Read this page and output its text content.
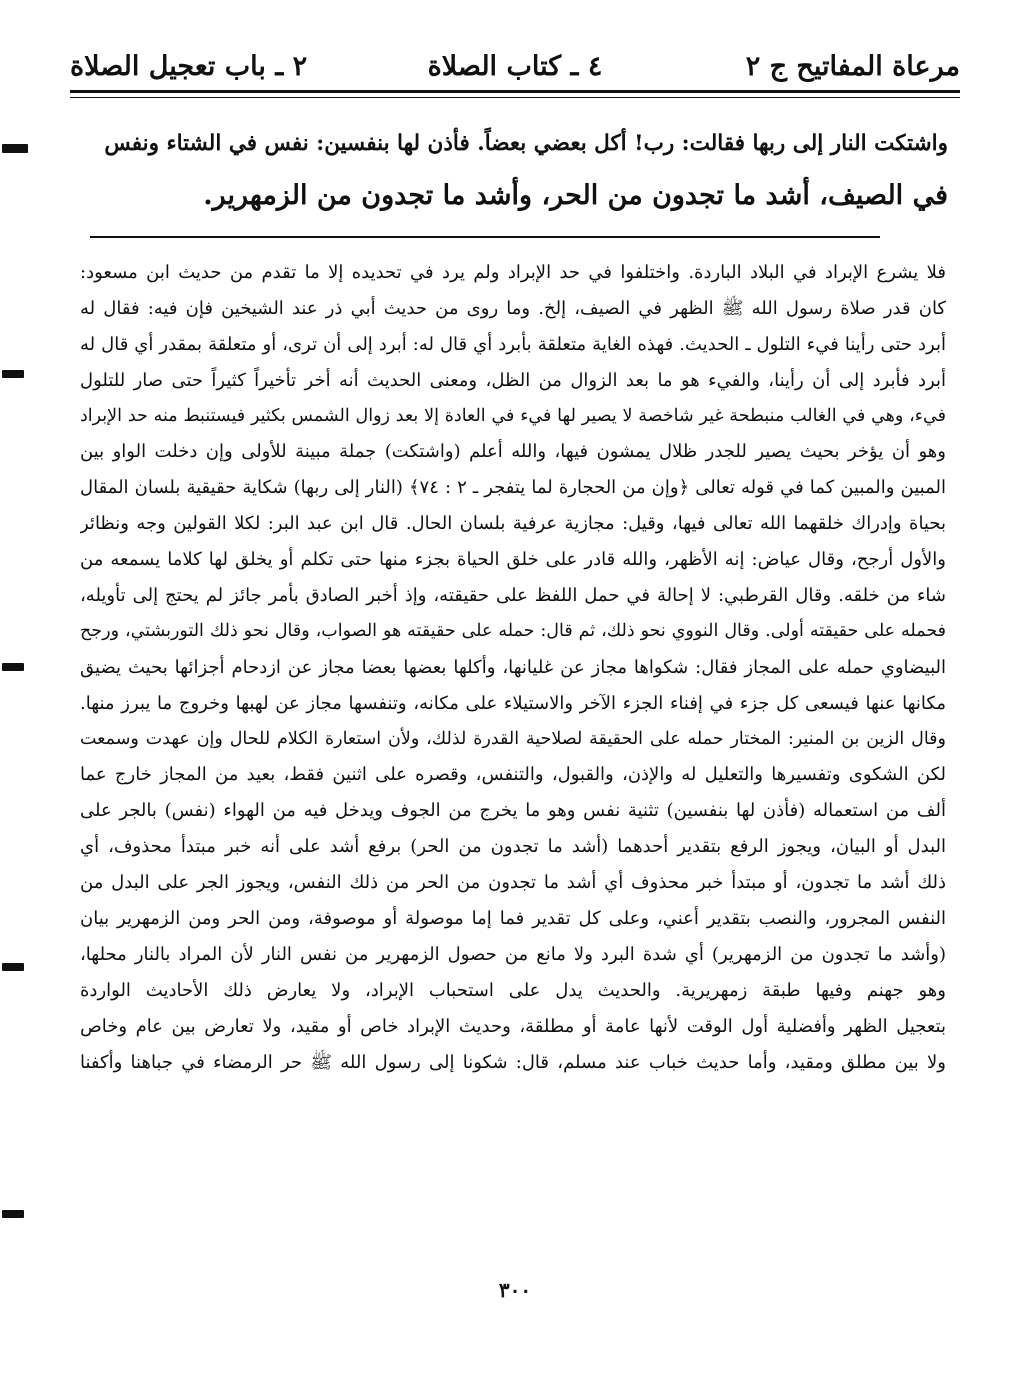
مرعاة المفاتيح ج ٢
٤ ـ كتاب الصلاة
٢ ـ باب تعجيل الصلاة
واشتكت النار إلى ربها فقالت: رب! أكل بعضي بعضاً. فأذن لها بنفسين: نفس في الشتاء ونفس
في الصيف، أشد ما تجدون من الحر، وأشد ما تجدون من الزمهرير.
فلا يشرع الإبراد في البلاد الباردة. واختلفوا في حد الإبراد ولم يرد في تحديده إلا ما تقدم من حديث ابن مسعود:
كان قدر صلاة رسول الله ﷺ الظهر في الصيف، إلخ. وما روى من حديث أبي ذر عند الشيخين فإن فيه: فقال له
أبرد حتى رأينا فيء التلول ـ الحديث. فهذه الغاية متعلقة بأبرد أي قال له: أبرد إلى أن ترى، أو متعلقة بمقدر أي قال له
أبرد فأبرد إلى أن رأينا، والفيء هو ما بعد الزوال من الظل، ومعنى الحديث أنه أخر تأخيراً كثيراً حتى صار للتلول
فيء، وهي في الغالب منبطحة غير شاخصة لا يصير لها فيء في العادة إلا بعد زوال الشمس بكثير فيستنبط منه حد الإبراد
وهو أن يؤخر بحيث يصير للجدر ظلال يمشون فيها، والله أعلم (واشتكت) جملة مبينة للأولى وإن دخلت الواو بين
المبين والمبين كما في قوله تعالى ﴿وإن من الحجارة لما يتفجر ـ ٢ : ٧٤﴾ (النار إلى ربها) شكاية حقيقية بلسان المقال
بحياة وإدراك خلقهما الله تعالى فيها، وقيل: مجازية عرفية بلسان الحال. قال ابن عبد البر: لكلا القولين وجه ونظائر
والأول أرجح، وقال عياض: إنه الأظهر، والله قادر على خلق الحياة بجزء منها حتى تكلم أو يخلق لها كلاما يسمعه من
شاء من خلقه. وقال القرطبي: لا إحالة في حمل اللفظ على حقيقته، وإذ أخبر الصادق بأمر جائز لم يحتج إلى تأويله،
فحمله على حقيقته أولى. وقال النووي نحو ذلك، ثم قال: حمله على حقيقته هو الصواب، وقال نحو ذلك التوربشتي، ورجح
البيضاوي حمله على المجاز فقال: شكواها مجاز عن غليانها، وأكلها بعضها بعضا مجاز عن ازدحام أجزائها بحيث يضيق
مكانها عنها فيسعى كل جزء في إفناء الجزء الآخر والاستيلاء على مكانه، وتنفسها مجاز عن لهبها وخروج ما يبرز منها.
وقال الزين بن المنير: المختار حمله على الحقيقة لصلاحية القدرة لذلك، ولأن استعارة الكلام للحال وإن عهدت وسمعت
لكن الشكوى وتفسيرها والتعليل له والإذن، والقبول، والتنفس، وقصره على اثنين فقط، بعيد من المجاز خارج عما
ألف من استعماله (فأذن لها بنفسين) تثنية نفس وهو ما يخرج من الجوف ويدخل فيه من الهواء (نفس) بالجر على
البدل أو البيان، ويجوز الرفع بتقدير أحدهما (أشد ما تجدون من الحر) برفع أشد على أنه خبر مبتدأ محذوف، أي
ذلك أشد ما تجدون، أو مبتدأ خبر محذوف أي أشد ما تجدون من الحر من ذلك النفس، ويجوز الجر على البدل من
النفس المجرور، والنصب بتقدير أعني، وعلى كل تقدير فما إما موصولة أو موصوفة، ومن الحر ومن الزمهرير بيان
(وأشد ما تجدون من الزمهرير) أي شدة البرد ولا مانع من حصول الزمهرير من نفس النار لأن المراد بالنار محلها،
وهو جهنم وفيها طبقة زمهريرية. والحديث يدل على استحباب الإبراد، ولا يعارض ذلك الأحاديث الواردة
بتعجيل الظهر وأفضلية أول الوقت لأنها عامة أو مطلقة، وحديث الإبراد خاص أو مقيد، ولا تعارض بين عام وخاص
ولا بين مطلق ومقيد، وأما حديث خباب عند مسلم، قال: شكونا إلى رسول الله ﷺ حر الرمضاء في جباهنا وأكفنا
٣٠٠
